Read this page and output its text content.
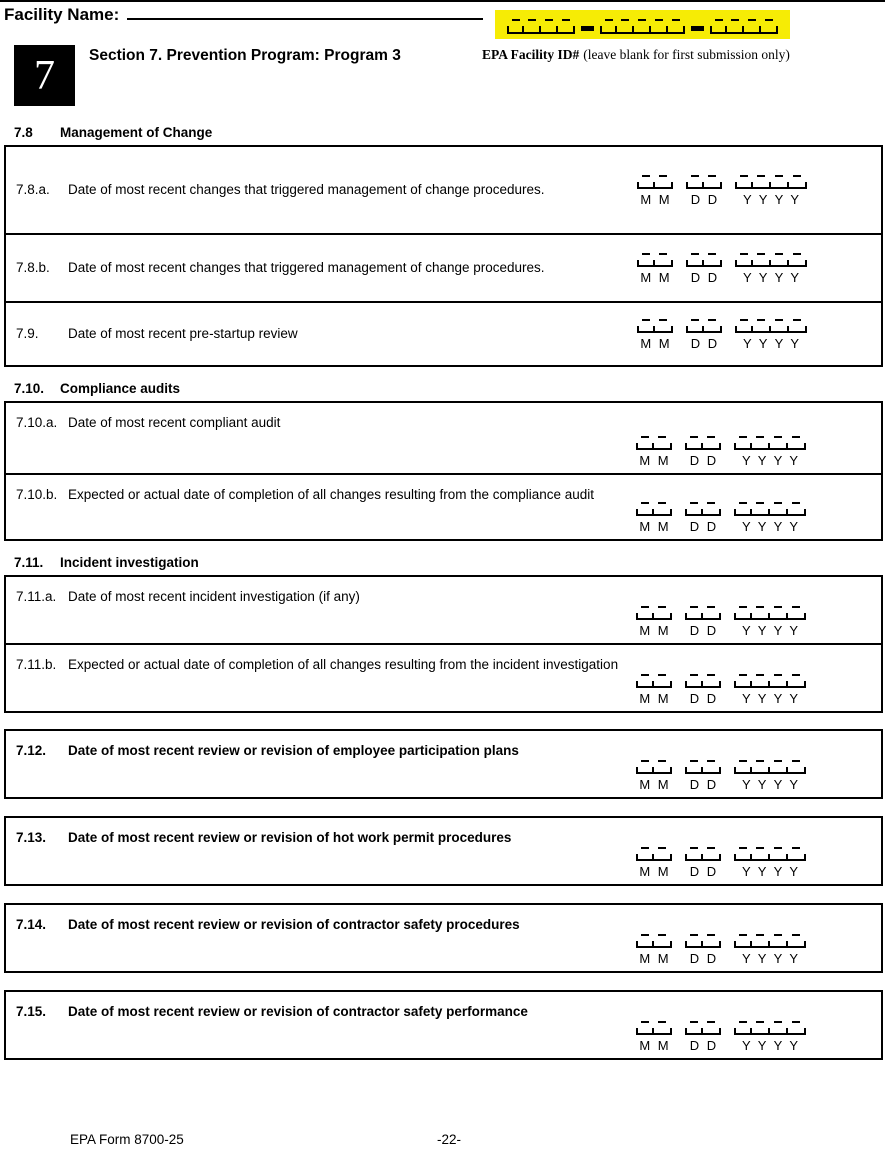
Facility Name:
7	Section 7. Prevention Program: Program 3	EPA Facility ID# (leave blank for first submission only)
7.8 Management of Change
7.8.a. Date of most recent changes that triggered management of change procedures.
M M	D D	Y Y Y Y
7.8.b. Date of most recent changes that triggered management of change procedures.
M M	D D	Y Y Y Y
7.9. Date of most recent pre-startup review
M M	D D	Y Y Y Y
7.10. Compliance audits
7.10.a. Date of most recent compliant audit
M M	D D	Y Y Y Y
7.10.b. Expected or actual date of completion of all changes resulting from the compliance audit
M M	D D	Y Y Y Y
7.11. Incident investigation
7.11.a. Date of most recent incident investigation (if any)
M M	D D	Y Y Y Y
7.11.b. Expected or actual date of completion of all changes resulting from the incident investigation
M M	D D	Y Y Y Y
7.12. Date of most recent review or revision of employee participation plans
M M	D D	Y Y Y Y
7.13. Date of most recent review or revision of hot work permit procedures
M M	D D	Y Y Y Y
7.14. Date of most recent review or revision of contractor safety procedures
M M	D D	Y Y Y Y
7.15. Date of most recent review or revision of contractor safety performance
M M	D D	Y Y Y Y
EPA Form 8700-25	-22-
